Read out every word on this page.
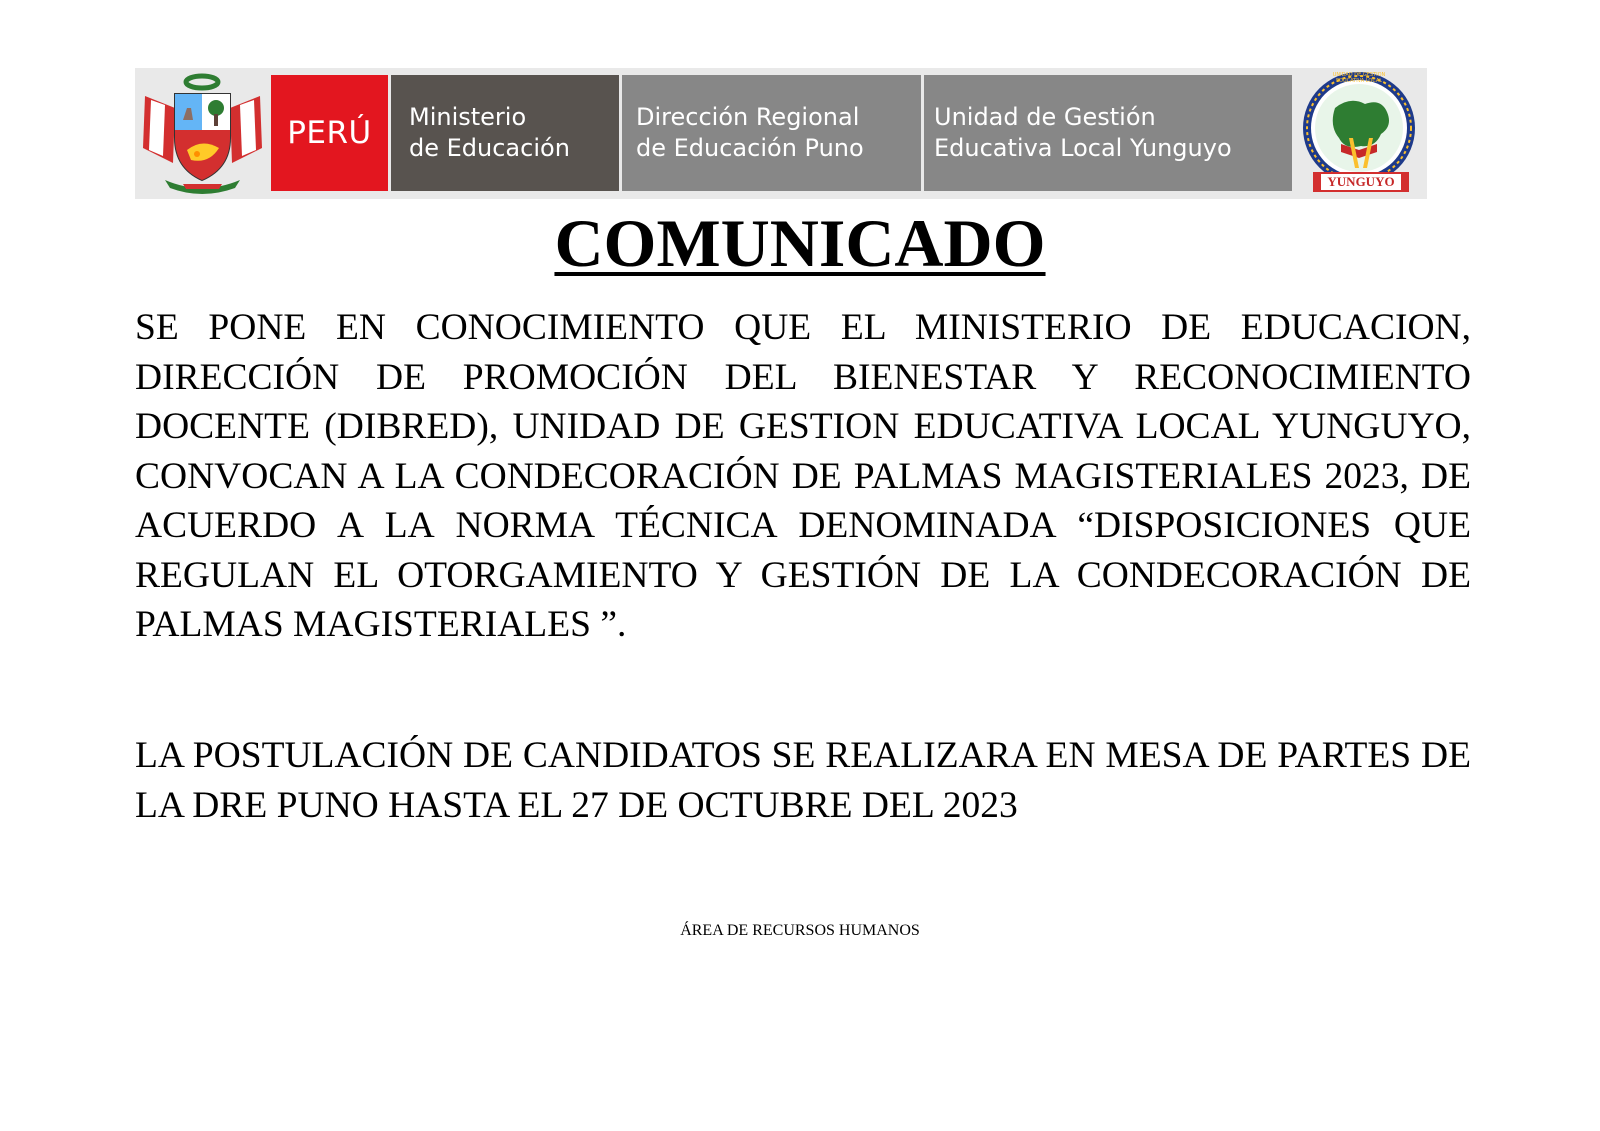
PERÚ Ministerio
de Educación
Dirección Regional
de Educación Puno
Unidad de Gestión
Educativa Local Yunguyo
UNIDAD DE GESTION EDUCATIVA LOCAL
YUNGUYO
COMUNICADO

SE PONE EN CONOCIMIENTO QUE EL MINISTERIO DE EDUCACION, DIRECCIÓN DE PROMOCIÓN DEL BIENESTAR Y RECONOCIMIENTO DOCENTE (DIBRED), UNIDAD DE GESTION EDUCATIVA LOCAL YUNGUYO, CONVOCAN A LA CONDECORACIÓN DE PALMAS MAGISTERIALES 2023, DE ACUERDO A LA NORMA TÉCNICA DENOMINADA “DISPOSICIONES QUE REGULAN EL OTORGAMIENTO Y GESTIÓN DE LA CONDECORACIÓN DE PALMAS MAGISTERIALES ”.

LA POSTULACIÓN DE CANDIDATOS SE REALIZARA EN MESA DE PARTES DE LA DRE PUNO HASTA EL 27 DE OCTUBRE DEL 2023

ÁREA DE RECURSOS HUMANOS
